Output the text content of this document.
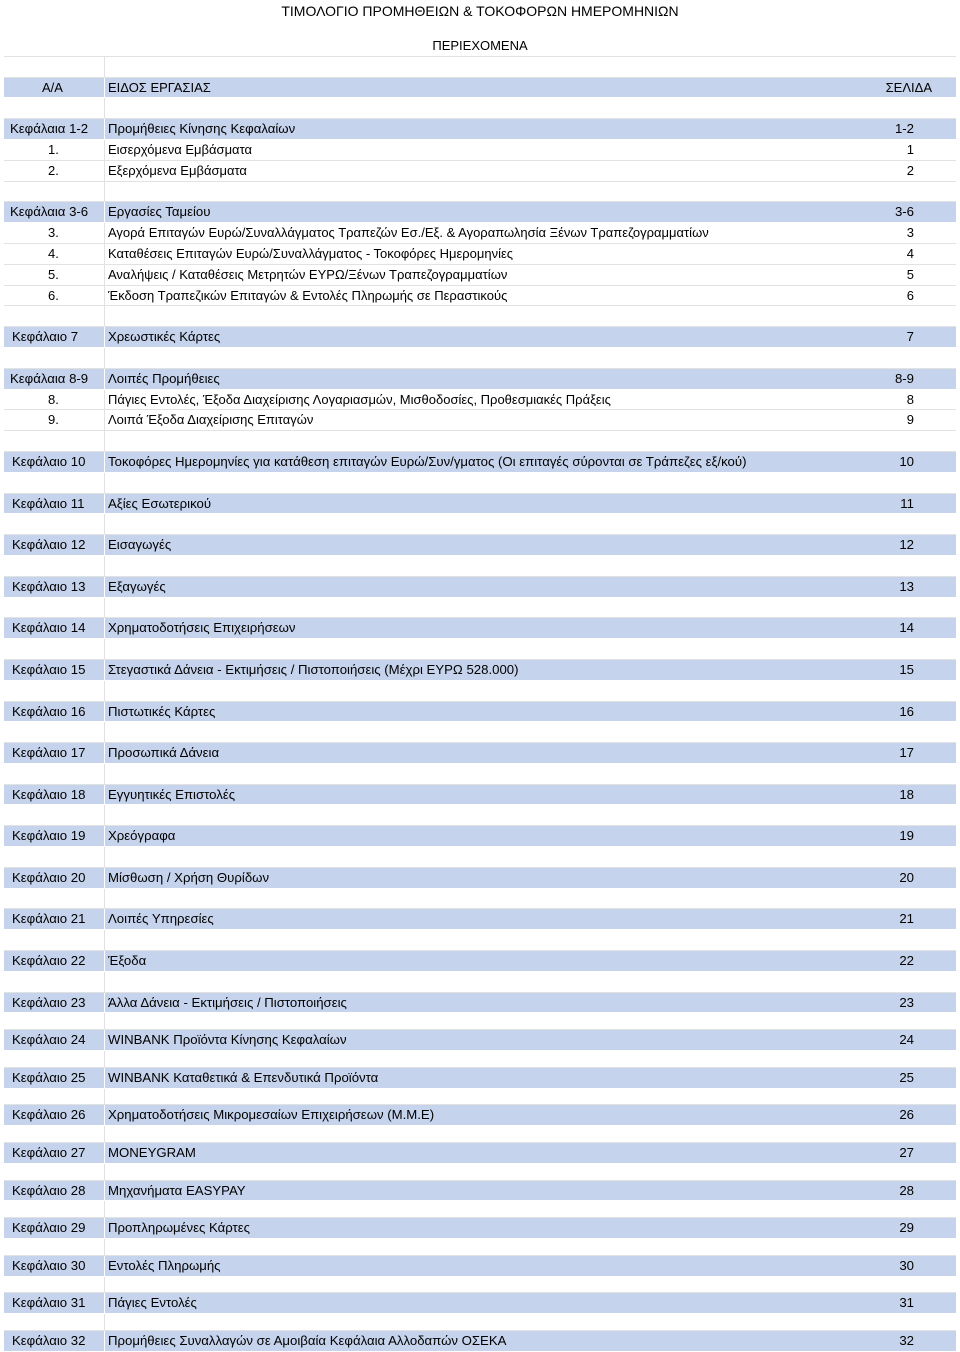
ΤΙΜΟΛΟΓΙΟ ΠΡΟΜΗΘΕΙΩΝ & ΤΟΚΟΦΟΡΩΝ ΗΜΕΡΟΜΗΝΙΩΝ
ΠΕΡΙΕΧΟΜΕΝΑ
Α/Α	ΕΙΔΟΣ ΕΡΓΑΣΙΑΣ	ΣΕΛΙΔΑ
Κεφάλαια 1-2 Προμήθειες Κίνησης Κεφαλαίων	1-2
1.	Εισερχόμενα Εμβάσματα	1
2.	Εξερχόμενα Εμβάσματα	2
Κεφάλαια 3-6 Εργασίες Ταμείου	3-6
3.	Αγορά Επιταγών Ευρώ/Συναλλάγματος Τραπεζών Εσ./Εξ. & Αγοραπωλησία Ξένων Τραπεζογραμματίων	3
4.	Καταθέσεις Επιταγών Ευρώ/Συναλλάγματος - Τοκοφόρες Ημερομηνίες	4
5.	Αναλήψεις / Καταθέσεις Μετρητών ΕΥΡΩ/Ξένων Τραπεζογραμματίων	5
6.	Έκδοση Τραπεζικών Επιταγών & Εντολές Πληρωμής σε Περαστικούς	6
Κεφάλαιο 7 Χρεωστικές Κάρτες	7
Κεφάλαια 8-9 Λοιπές Προμήθειες	8-9
8.	Πάγιες Εντολές, Έξοδα Διαχείρισης Λογαριασμών, Μισθοδοσίες, Προθεσμιακές Πράξεις	8
9.	Λοιπά Έξοδα Διαχείρισης Επιταγών	9
Κεφάλαιο 10 Τοκοφόρες Ημερομηνίες για κατάθεση επιταγών Ευρώ/Συν/γματος (Οι επιταγές σύρονται σε Τράπεζες εξ/κού)	10
Κεφάλαιο 11 Αξίες Εσωτερικού	11
Κεφάλαιο 12 Εισαγωγές	12
Κεφάλαιο 13 Εξαγωγές	13
Κεφάλαιο 14 Χρηματοδοτήσεις Επιχειρήσεων	14
Κεφάλαιο 15 Στεγαστικά Δάνεια - Εκτιμήσεις / Πιστοποιήσεις (Μέχρι ΕΥΡΩ 528.000)	15
Κεφάλαιο 16 Πιστωτικές Κάρτες	16
Κεφάλαιο 17 Προσωπικά Δάνεια	17
Κεφάλαιο 18 Εγγυητικές Επιστολές	18
Κεφάλαιο 19 Χρεόγραφα	19
Κεφάλαιο 20 Μίσθωση / Χρήση Θυρίδων	20
Κεφάλαιο 21 Λοιπές Υπηρεσίες	21
Κεφάλαιο 22 Έξοδα	22
Κεφάλαιο 23 Άλλα Δάνεια - Εκτιμήσεις / Πιστοποιήσεις	23
Κεφάλαιο 24 WINBANK Προϊόντα Κίνησης Κεφαλαίων	24
Κεφάλαιο 25 WINBANK Καταθετικά & Επενδυτικά Προϊόντα	25
Κεφάλαιο 26 Χρηματοδοτήσεις Μικρομεσαίων Επιχειρήσεων (Μ.Μ.Ε)	26
Κεφάλαιο 27 MONEYGRAM	27
Κεφάλαιο 28 Μηχανήματα EASYPAY	28
Κεφάλαιο 29 Προπληρωμένες Κάρτες	29
Κεφάλαιο 30 Εντολές Πληρωμής	30
Κεφάλαιο 31 Πάγιες Εντολές	31
Κεφάλαιο 32 Προμήθειες Συναλλαγών σε Αμοιβαία Κεφάλαια Αλλοδαπών ΟΣΕΚΑ	32
